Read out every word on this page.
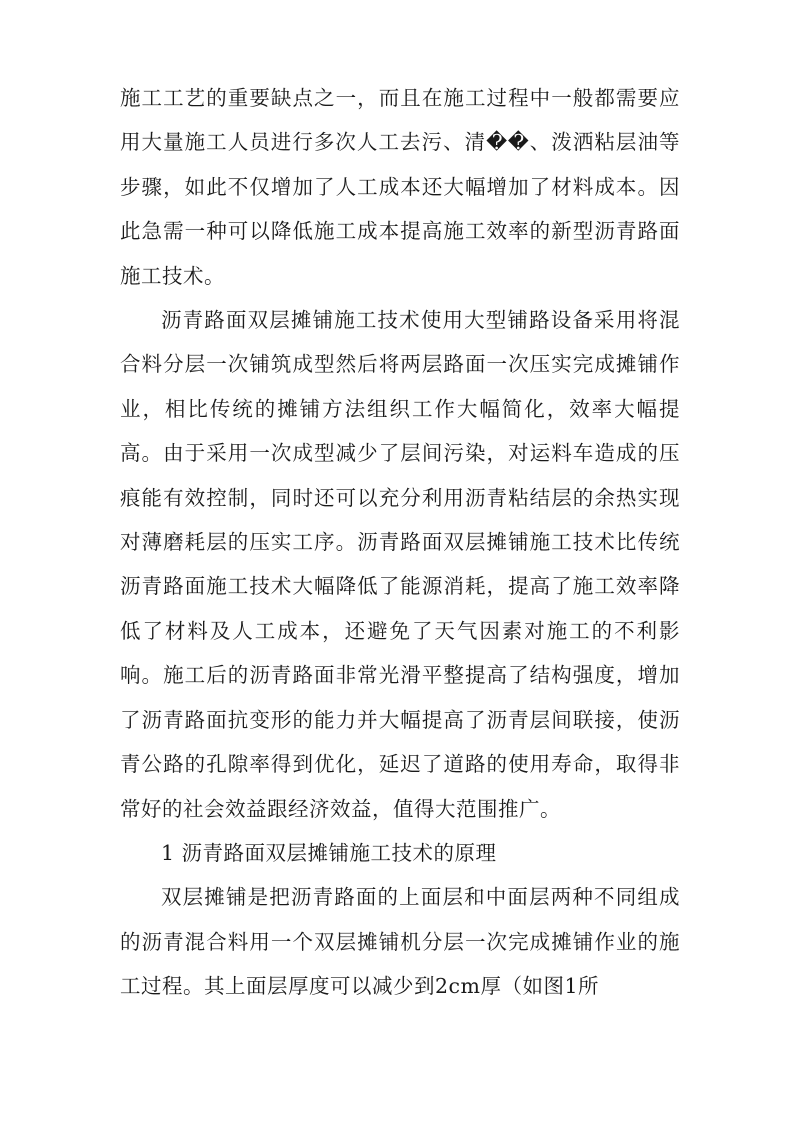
施工工艺的重要缺点之一，而且在施工过程中一般都需要应用大量施工人员进行多次人工去污、清��、泼洒粘层油等步骤，如此不仅增加了人工成本还大幅增加了材料成本。因此急需一种可以降低施工成本提高施工效率的新型沥青路面施工技术。

沥青路面双层摊铺施工技术使用大型铺路设备采用将混合料分层一次铺筑成型然后将两层路面一次压实完成摊铺作业，相比传统的摊铺方法组织工作大幅简化，效率大幅提高。由于采用一次成型减少了层间污染，对运料车造成的压痕能有效控制，同时还可以充分利用沥青粘结层的余热实现对薄磨耗层的压实工序。沥青路面双层摊铺施工技术比传统沥青路面施工技术大幅降低了能源消耗，提高了施工效率降低了材料及人工成本，还避免了天气因素对施工的不利影响。施工后的沥青路面非常光滑平整提高了结构强度，增加了沥青路面抗变形的能力并大幅提高了沥青层间联接，使沥青公路的孔隙率得到优化，延迟了道路的使用寿命，取得非常好的社会效益跟经济效益，值得大范围推广。

1 沥青路面双层摊铺施工技术的原理

双层摊铺是把沥青路面的上面层和中面层两种不同组成的沥青混合料用一个双层摊铺机分层一次完成摊铺作业的施工过程。其上面层厚度可以减少到2cm厚（如图1所
